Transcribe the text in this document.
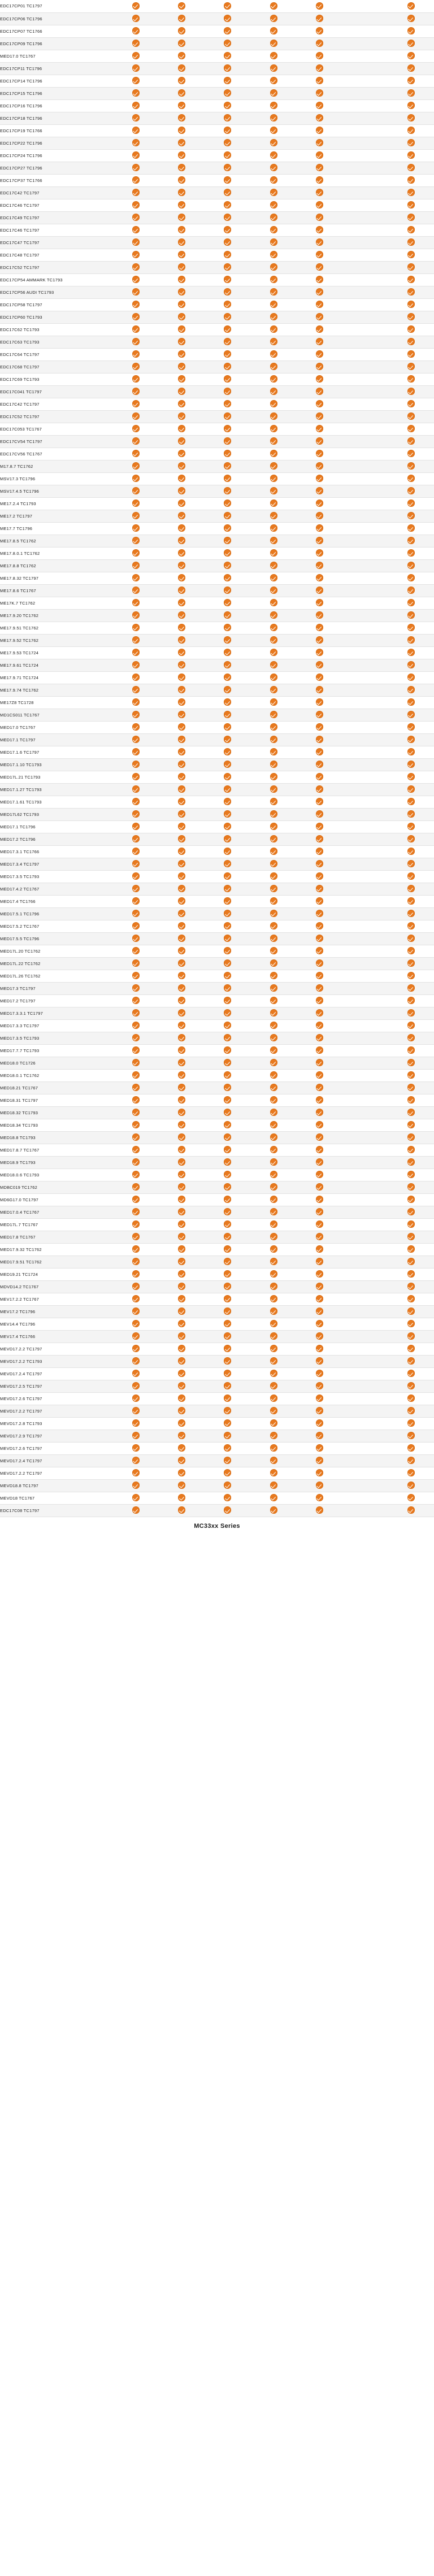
EDC17CP01 TC1797							
EDC17CP06 TC1796							
EDC17CP07 TC1766							
EDC17CP09 TC1796							
MED17.0 TC1767							
EDC17CP11 TC1796							
EDC17CP14 TC1796							
EDC17CP15 TC1796							
EDC17CP16 TC1796							
EDC17CP18 TC1796							
EDC17CP19 TC1766							
EDC17CP22 TC1796							
EDC17CP24 TC1796							
EDC17CP27 TC1796							
EDC17CP37 TC1766							
EDC17C42 TC1797							
EDC17C46 TC1797							
EDC17C49 TC1797							
EDC17C46 TC1797							
EDC17C47 TC1797							
EDC17C48 TC1797							
EDC17C52 TC1797							
EDC17CP54 AMMARK TC1793							
EDC17CP56 AUDI TC1793							
EDC17CP58 TC1797							
EDC17CP60 TC1793							
EDC17C62 TC1793							
EDC17C63 TC1793							
EDC17C64 TC1797							
EDC17C68 TC1797							
EDC17C69 TC1793							
EDC17C041 TC1797							
EDC17C42 TC1797							
EDC17C52 TC1797							
EDC17C053 TC1767							
EDC17CV54 TC1797							
EDC17CV56 TC1767							
M17.8.7 TC1762							
MSV17.3 TC1796							
MSV17.4.5 TC1796							
ME17.2.4 TC1793							
ME17.2 TC1797							
ME17.7 TC1796							
ME17.8.5 TC1762							
ME17.8.0.1 TC1762							
ME17.8.8 TC1762							
ME17.8.32 TC1797							
ME17.8.6 TC1767							
ME17K.7 TC1762							
ME17.9.20 TC1762							
ME17.9.51 TC1762							
ME17.9.52 TC1762							
ME17.9.53 TC1724							
ME17.9.61 TC1724							
ME17.9.71 TC1724							
ME17.9.74 TC1762							
ME17Z8 TC1728							
MD1CS011 TC1767							
MED17.0 TC1767							
MED17.1 TC1797							
MED17.1.6 TC1797							
MED17.1.10 TC1793							
MED17L.21 TC1793							
MED17.1.27 TC1793							
MED17.1.61 TC1793							
MED17L62 TC1793							
MED17.1 TC1796							
MED17.2 TC1796							
MED17.3.1 TC1766							
MED17.3.4 TC1797							
MED17.3.5 TC1793							
MED17.4.2 TC1767							
MED17.4 TC1766							
MED17.5.1 TC1796							
MED17.5.2 TC1767							
MED17.5.5 TC1796							
MED17L.20 TC1762							
MED17L.22 TC1762							
MED17L.26 TC1762							
MED17.3 TC1797							
MED17.2 TC1797							
MED17.3.3.1 TC1797							
MED17.3.3 TC1797							
MED17.3.5 TC1793							
MED17.7.7 TC1793							
MED18.0 TC1726							
MED18.0.1 TC1762							
MED18.21 TC1767							
MED18.31 TC1797							
MED18.32 TC1793							
MED18.34 TC1793							
MED18.8 TC1793							
MED17.8.7 TC1767							
MED18.9 TC1793							
MED18.0.6 TC1793							
MDBC019 TC1762							
MD6G17.0 TC1797							
MED17.0.4 TC1767							
MED17L.7 TC1767							
MED17.8 TC1767							
MED17.9.32 TC1762							
MED17.9.51 TC1762							
MED19.21 TC1724							
MDVD14.2 TC1767							
MEV17.2.2 TC1767							
MEV17.2 TC1796							
MEV14.4 TC1796							
MEV17.4 TC1766							
MEVD17.2.2 TC1797							
MEVD17.2.2 TC1793							
MEVD17.2.4 TC1797							
MEVD17.2.5 TC1797							
MEVD17.2.6 TC1797							
MEVD17.2.2 TC1797							
MEVD17.2.8 TC1793							
MEVD17.2.9 TC1797							
MEVD17.2.6 TC1797							
MEVD17.2.4 TC1797							
MEVD17.2.2 TC1797							
MEVD18.8 TC1797							
MEVD18 TC1767							
EDC17C08 TC1797							
MC33xx Series
